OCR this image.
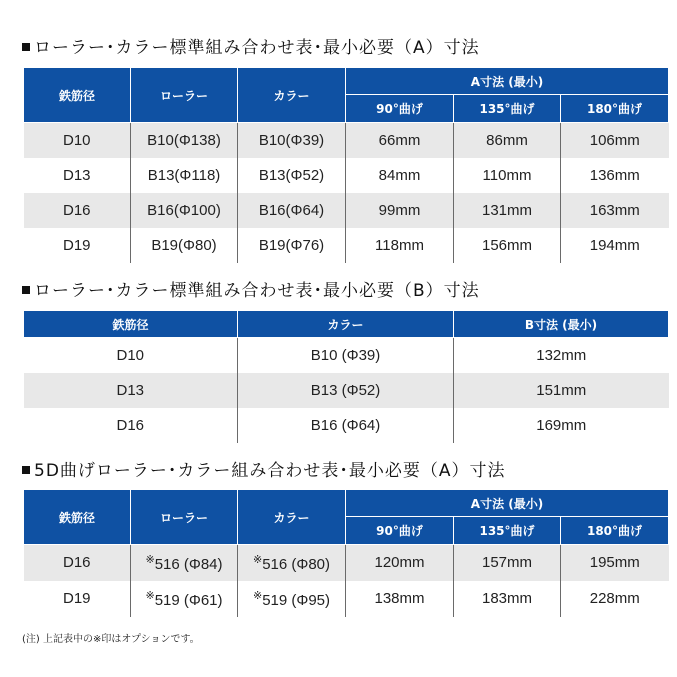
ローラー･カラー標準組み合わせ表･最小必要（A）寸法
鉄筋径	ローラー	カラー	A寸法 (最小)		
			90°曲げ	135°曲げ	180°曲げ
D10	B10(Φ138)	B10(Φ39)	66mm	86mm	106mm
D13	B13(Φ118)	B13(Φ52)	84mm	110mm	136mm
D16	B16(Φ100)	B16(Φ64)	99mm	131mm	163mm
D19	B19(Φ80)	B19(Φ76)	118mm	156mm	194mm
ローラー･カラー標準組み合わせ表･最小必要（B）寸法
鉄筋径	カラー	B寸法 (最小)
D10	B10 (Φ39)	132mm
D13	B13 (Φ52)	151mm
D16	B16 (Φ64)	169mm
5D曲げローラー･カラー組み合わせ表･最小必要（A）寸法
鉄筋径	ローラー	カラー	A寸法 (最小)		
			90°曲げ	135°曲げ	180°曲げ
D16	※516 (Φ84)	※516 (Φ80)	120mm	157mm	195mm
D19	※519 (Φ61)	※519 (Φ95)	138mm	183mm	228mm
(注) 上記表中の※印はオプションです。
